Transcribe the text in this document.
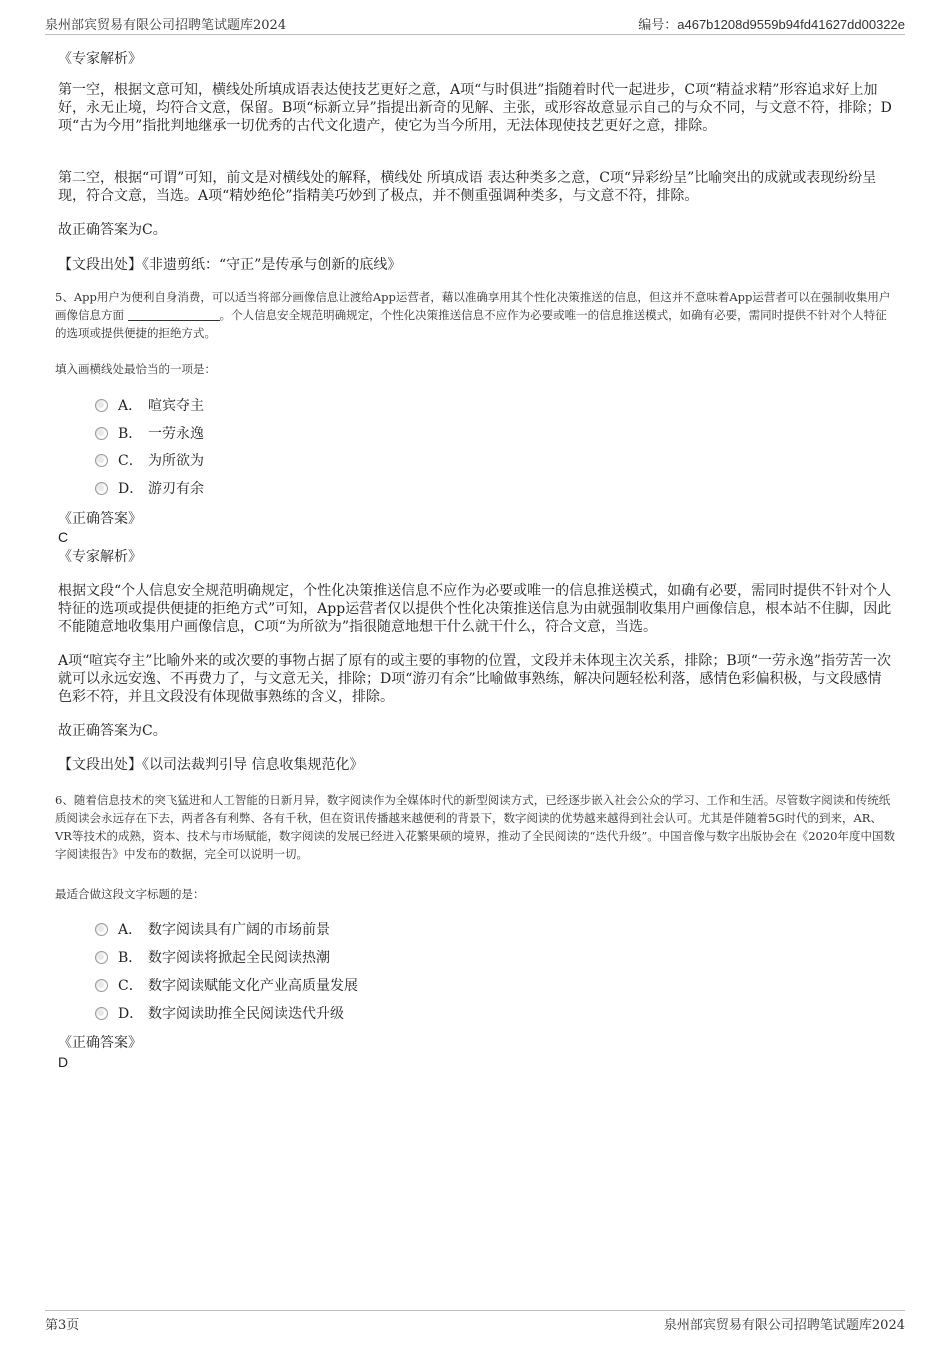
泉州部宾贸易有限公司招聘笔试题库2024	编号：a467b1208d9559b94fd41627dd00322e
《专家解析》

第一空，根据文意可知，横线处所填成语表达使技艺更好之意，A项“与时俱进”指随着时代一起进步，C项“精益求精”形容追求好上加好，永无止境，均符合文意，保留。B项“标新立异”指提出新奇的见解、主张，或形容故意显示自己的与众不同，与文意不符，排除；D项“古为今用”指批判地继承一切优秀的古代文化遗产，使它为当今所用，无法体现使技艺更好之意，排除。

第二空，根据“可谓”可知，前文是对横线处的解释，横线处 所填成语 表达种类多之意，C项“异彩纷呈”比喻突出的成就或表现纷纷呈现，符合文意，当选。A项“精妙绝伦”指精美巧妙到了极点，并不侧重强调种类多，与文意不符，排除。

故正确答案为C。
【文段出处】《非遗剪纸：“守正”是传承与创新的底线》

5、App用户为便利自身消费，可以适当将部分画像信息让渡给App运营者，藉以准确享用其个性化决策推送的信息，但这并不意味着App运营者可以在强制收集用户画像信息方面	。个人信息安全规范明确规定，个性化决策推送信息不应作为必要或唯一的信息推送模式，如确有必要，需同时提供不针对个人特征的选项或提供便捷的拒绝方式。

填入画横线处最恰当的一项是：
A． 喧宾夺主
B． 一劳永逸
C． 为所欲为
D． 游刃有余
《正确答案》
C
《专家解析》

根据文段“个人信息安全规范明确规定，个性化决策推送信息不应作为必要或唯一的信息推送模式，如确有必要，需同时提供不针对个人特征的选项或提供便捷的拒绝方式”可知，App运营者仅以提供个性化决策推送信息为由就强制收集用户画像信息，根本站不住脚，因此不能随意地收集用户画像信息，C项“为所欲为”指很随意地想干什么就干什么，符合文意，当选。

A项“喧宾夺主”比喻外来的或次要的事物占据了原有的或主要的事物的位置，文段并未体现主次关系，排除；B项“一劳永逸”指劳苦一次就可以永远安逸、不再费力了，与文意无关，排除；D项“游刃有余”比喻做事熟练，解决问题轻松利落，感情色彩偏积极，与文段感情色彩不符，并且文段没有体现做事熟练的含义，排除。

故正确答案为C。
【文段出处】《以司法裁判引导 信息收集规范化》

6、随着信息技术的突飞猛进和人工智能的日新月异，数字阅读作为全媒体时代的新型阅读方式，已经逐步嵌入社会公众的学习、工作和生活。尽管数字阅读和传统纸质阅读会永远存在下去，两者各有利弊、各有千秋，但在资讯传播越来越便利的背景下，数字阅读的优势越来越得到社会认可。尤其是伴随着5G时代的到来，AR、VR等技术的成熟，资本、技术与市场赋能，数字阅读的发展已经进入花繁果硕的境界，推动了全民阅读的“迭代升级”。中国音像与数字出版协会在《2020年度中国数字阅读报告》中发布的数据，完全可以说明一切。

最适合做这段文字标题的是：
A． 数字阅读具有广阔的市场前景
B． 数字阅读将掀起全民阅读热潮
C． 数字阅读赋能文化产业高质量发展
D． 数字阅读助推全民阅读迭代升级
《正确答案》
D
第3页	泉州部宾贸易有限公司招聘笔试题库2024
